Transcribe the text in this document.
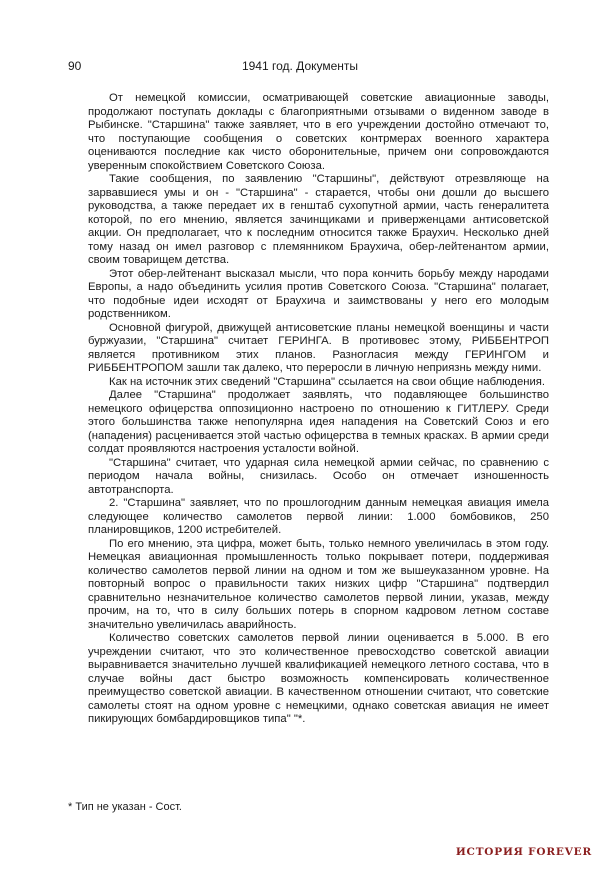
90	1941 год. Документы

От немецкой комиссии, осматривающей советские авиационные заводы, продолжают поступать доклады с благоприятными отзывами о виденном заводе в Рыбинске. "Старшина" также заявляет, что в его учреждении достойно отмечают то, что поступающие сообщения о советских контрмерах военного характера оцениваются последние как чисто оборонительные, причем они сопровождаются уверенным спокойствием Советского Союза.

Такие сообщения, по заявлению "Старшины", действуют отрезвляюще на зарвавшиеся умы и он - "Старшина" - старается, чтобы они дошли до высшего руководства, а также передает их в генштаб сухопутной армии, часть генералитета которой, по его мнению, является зачинщиками и приверженцами антисоветской акции. Он предполагает, что к последним относится также Браухич. Несколько дней тому назад он имел разговор с племянником Браухича, обер-лейтенантом армии, своим товарищем детства.

Этот обер-лейтенант высказал мысли, что пора кончить борьбу между народами Европы, а надо объединить усилия против Советского Союза. "Старшина" полагает, что подобные идеи исходят от Браухича и заимствованы у него его молодым родственником.

Основной фигурой, движущей антисоветские планы немецкой военщины и части буржуазии, "Старшина" считает ГЕРИНГА. В противовес этому, РИББЕНТРОП является противником этих планов. Разногласия между ГЕРИНГОМ и РИББЕНТРОПОМ зашли так далеко, что переросли в личную неприязнь между ними.

Как на источник этих сведений "Старшина" ссылается на свои общие наблюдения.

Далее "Старшина" продолжает заявлять, что подавляющее большинство немецкого офицерства оппозиционно настроено по отношению к ГИТЛЕРУ. Среди этого большинства также непопулярна идея нападения на Советский Союз и его (нападения) расценивается этой частью офицерства в темных красках. В армии среди солдат проявляются настроения усталости войной.

"Старшина" считает, что ударная сила немецкой армии сейчас, по сравнению с периодом начала войны, снизилась. Особо он отмечает изношенность автотранспорта.

2. "Старшина" заявляет, что по прошлогодним данным немецкая авиация имела следующее количество самолетов первой линии: 1.000 бомбовиков, 250 планировщиков, 1200 истребителей.

По его мнению, эта цифра, может быть, только немного увеличилась в этом году. Немецкая авиационная промышленность только покрывает потери, поддерживая количество самолетов первой линии на одном и том же вышеуказанном уровне. На повторный вопрос о правильности таких низких цифр "Старшина" подтвердил сравнительно незначительное количество самолетов первой линии, указав, между прочим, на то, что в силу больших потерь в спорном кадровом летном составе значительно увеличилась аварийность.

Количество советских самолетов первой линии оценивается в 5.000. В его учреждении считают, что это количественное превосходство советской авиации выравнивается значительно лучшей квалификацией немецкого летного состава, что в случае войны даст быстро возможность компенсировать количественное преимущество советской авиации. В качественном отношении считают, что советские самолеты стоят на одном уровне с немецкими, однако советская авиация не имеет пикирующих бомбардировщиков типа" "*.

* Тип не указан - Сост.
ИСТОРИЯ FOREVER
